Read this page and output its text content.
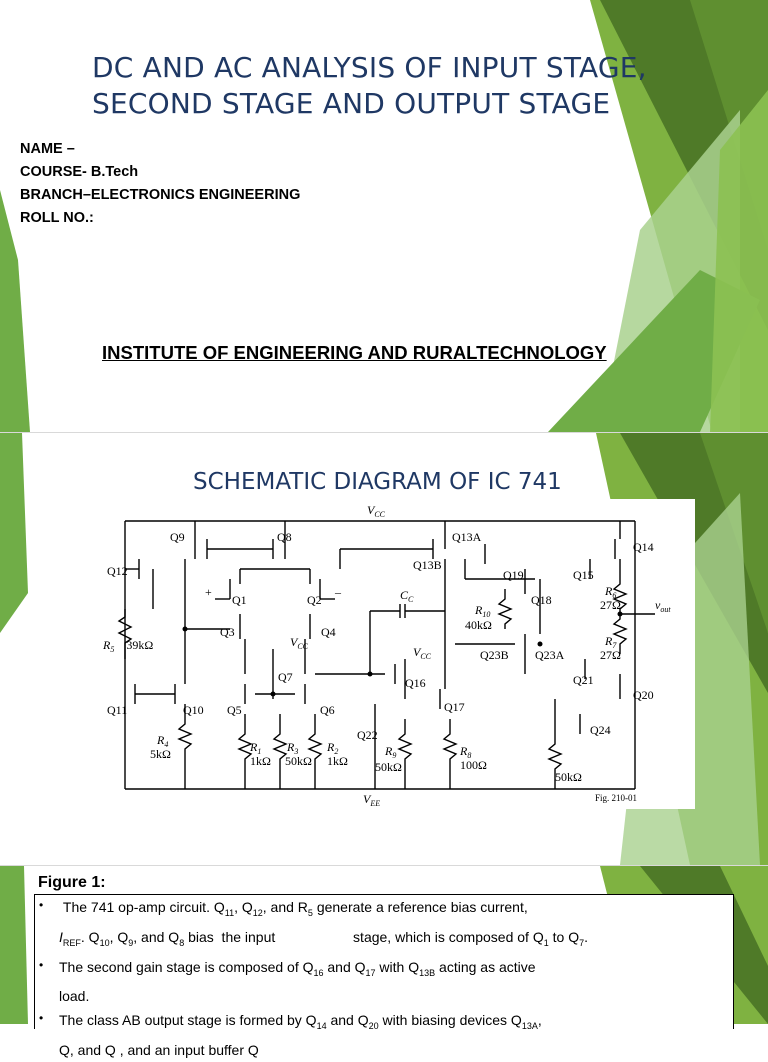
DC AND AC ANALYSIS OF INPUT STAGE,
SECOND STAGE AND OUTPUT STAGE
NAME –
COURSE- B.Tech
BRANCH–ELECTRONICS ENGINEERING
ROLL NO.:
INSTITUTE OF ENGINEERING AND RURALTECHNOLOGY
SCHEMATIC DIAGRAM OF IC 741
$V_{CC}$
Q9	Q8	Q13A
Q13B
Q14
Q12	Q19	Q15
Q18
Q1	Q2
Q3	Q4
Q7
Q5	Q6
Q11	Q10
Q16
Q17
Q22
Q23B Q23A
Q21
Q20
Q24
$R_5$ 39kΩ
$R_4$
5kΩ	$R_1$
1kΩ
$R_3$
50kΩ
$R_2$
1kΩ
$R_9$
50kΩ
$R_8$
100Ω
$R_{10}$
40kΩ
$R_6$
27Ω
$R_7$
27Ω
50kΩ
$C_C$	$v_{out}$
$V_{CC}$	$V_{CC}$
+	–
$V_{EE}$
Fig. 210-01
Figure 1:
• The 741 op-amp circuit. $Q_{11}$, $Q_{12}$, and $R_5$ generate a reference bias current,

$I_{REF}$. $Q_{10}$, $Q_9$, and $Q_8$ bias  the input                    stage, which is composed of $Q_1$ to $Q_7$.

• The second gain stage is composed of $Q_{16}$ and $Q_{17}$ with $Q_{13B}$ acting as active

load.

• The class AB output stage is formed by $Q_{14}$ and $Q_{20}$ with biasing devices $Q_{13A}$,

Q, and Q , and an input buffer Q
